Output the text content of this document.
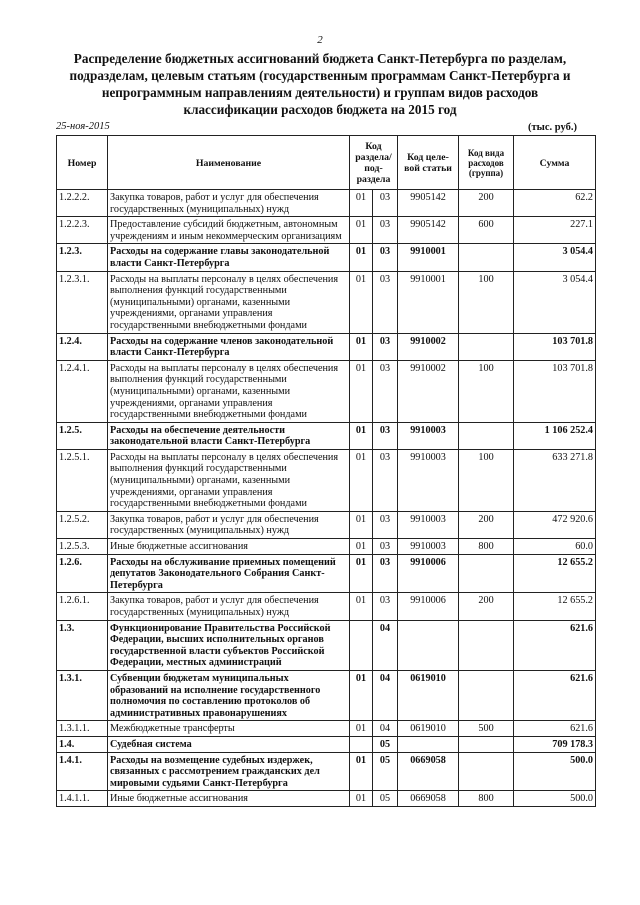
2
Распределение бюджетных ассигнований бюджета Санкт-Петербурга по разделам, подразделам, целевым статьям (государственным программам Санкт-Петербурга и непрограммным направлениям деятельности) и группам видов расходов классификации расходов бюджета на 2015 год
25-ноя-2015	(тыс. руб.)
Номер	Наименование	Код раздела/ под- раздела		Код целе- вой статьи	Код вида расходов (группа)	Сумма
1.2.2.2.	Закупка товаров, работ и услуг для обеспечения государственных (муниципальных) нужд	01	03	9905142	200	62.2
1.2.2.3.	Предоставление субсидий бюджетным, автономным учреждениям и иным некоммерческим организациям	01	03	9905142	600	227.1
1.2.3.	Расходы на содержание главы законодательной власти Санкт-Петербурга	01	03	9910001		3 054.4
1.2.3.1.	Расходы на выплаты персоналу в целях обеспечения выполнения функций государственными (муниципальными) органами, казенными учреждениями, органами управления государственными внебюджетными фондами	01	03	9910001	100	3 054.4
1.2.4.	Расходы на содержание членов законодательной власти Санкт-Петербурга	01	03	9910002		103 701.8
1.2.4.1.	Расходы на выплаты персоналу в целях обеспечения выполнения функций государственными (муниципальными) органами, казенными учреждениями, органами управления государственными внебюджетными фондами	01	03	9910002	100	103 701.8
1.2.5.	Расходы на обеспечение деятельности законодательной власти Санкт-Петербурга	01	03	9910003		1 106 252.4
1.2.5.1.	Расходы на выплаты персоналу в целях обеспечения выполнения функций государственными (муниципальными) органами, казенными учреждениями, органами управления государственными внебюджетными фондами	01	03	9910003	100	633 271.8
1.2.5.2.	Закупка товаров, работ и услуг для обеспечения государственных (муниципальных) нужд	01	03	9910003	200	472 920.6
1.2.5.3.	Иные бюджетные ассигнования	01	03	9910003	800	60.0
1.2.6.	Расходы на обслуживание приемных помещений депутатов Законодательного Собрания Санкт-Петербурга	01	03	9910006		12 655.2
1.2.6.1.	Закупка товаров, работ и услуг для обеспечения государственных (муниципальных) нужд	01	03	9910006	200	12 655.2
1.3.	Функционирование Правительства Российской Федерации, высших исполнительных органов государственной власти субъектов Российской Федерации, местных администраций		04			621.6
1.3.1.	Субвенции бюджетам муниципальных образований на исполнение государственного полномочия по составлению протоколов об административных правонарушениях	01	04	0619010		621.6
1.3.1.1.	Межбюджетные трансферты	01	04	0619010	500	621.6
1.4.	Судебная система		05			709 178.3
1.4.1.	Расходы на возмещение судебных издержек, связанных с рассмотрением гражданских дел мировыми судьями Санкт-Петербурга	01	05	0669058		500.0
1.4.1.1.	Иные бюджетные ассигнования	01	05	0669058	800	500.0
